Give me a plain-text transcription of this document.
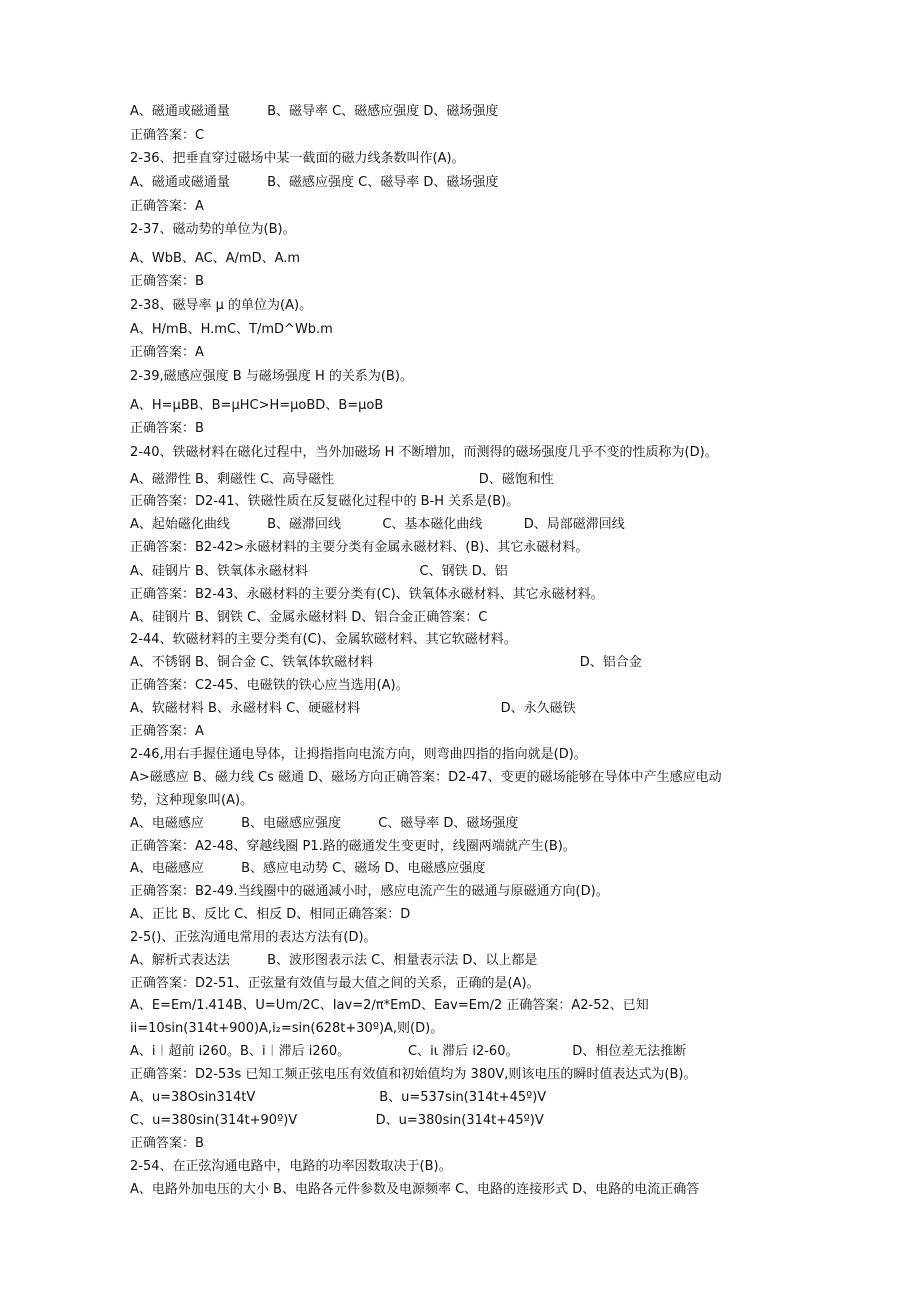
A、磁通或磁通量         B、磁导率 C、磁感应强度 D、磁场强度
正确答案：C
2-36、把垂直穿过磁场中某一截面的磁力线条数叫作(A)。
A、磁通或磁通量         B、磁感应强度 C、磁导率 D、磁场强度
正确答案：A
2-37、磁动势的单位为(B)。
A、WbB、AC、A/mD、A.m
正确答案：B
2-38、磁导率 μ 的单位为(A)。
A、H/mB、H.mC、T/mD^Wb.m
正确答案：A
2-39,磁感应强度 B 与磁场强度 H 的关系为(B)。
A、H=μBB、B=μHC>H=μoBD、B=μoB
正确答案：B
2-40、铁磁材料在磁化过程中，当外加磁场 H 不断增加，而测得的磁场强度几乎不变的性质称为(D)。
A、磁滞性 B、剩磁性 C、高导磁性                                   D、磁饱和性
正确答案：D2-41、铁磁性质在反复磁化过程中的 B-H 关系是(B)。
A、起始磁化曲线         B、磁滞回线          C、基本磁化曲线          D、局部磁滞回线
正确答案：B2-42>永磁材料的主要分类有金属永磁材料、(B)、其它永磁材料。
A、硅钢片 B、铁氧体永磁材料                           C、钢铁 D、铝
正确答案：B2-43、永磁材料的主要分类有(C)、铁氧体永磁材料、其它永磁材料。
A、硅钢片 B、钢铁 C、金属永磁材料 D、铝合金正确答案：C
2-44、软磁材料的主要分类有(C)、金属软磁材料、其它软磁材料。
A、不锈钢 B、铜合金 C、铁氧体软磁材料                                                  D、铝合金
正确答案：C2-45、电磁铁的铁心应当选用(A)。
A、软磁材料 B、永磁材料 C、硬磁材料                                  D、永久磁铁
正确答案：A
2-46,用右手握住通电导体，让拇指指向电流方向，则弯曲四指的指向就是(D)。
A>磁感应 B、磁力线 Cs 磁通 D、磁场方向正确答案：D2-47、变更的磁场能够在导体中产生感应电动
势，这种现象叫(A)。
A、电磁感应         B、电磁感应强度         C、磁导率 D、磁场强度
正确答案：A2-48、穿越线圈 P1.路的磁通发生变更时，线圈两端就产生(B)。
A、电磁感应         B、感应电动势 C、磁场 D、电磁感应强度
正确答案：B2-49.当线圈中的磁通减小时，感应电流产生的磁通与原磁通方向(D)。
A、正比 B、反比 C、相反 D、相同正确答案：D
2-5()、正弦沟通电常用的表达方法有(D)。
A、解析式表达法         B、波形图表示法 C、相量表示法 D、以上都是
正确答案：D2-51、正弦量有效值与最大值之间的关系，正确的是(A)。
A、E=Em/1.414B、U=Um∕2C、Iav=2∕π*EmD、Eav=Em∕2 正确答案：A2-52、已知
ii=10sin(314t+900)A,i₂=sin(628t+30º)A,则(D)。
A、i︱超前 i260。B、i︱滞后 i260。              C、iι 滞后 i2-60。             D、相位差无法推断
正确答案：D2-53s 已知工频正弦电压有效值和初始值均为 380V,则该电压的瞬时值表达式为(B)。
A、u=38Osin314tV                              B、u=537sin(314t+45º)V
C、u=380sin(314t+90º)V                   D、u=380sin(314t+45º)V
正确答案：B
2-54、在正弦沟通电路中，电路的功率因数取决于(B)。
A、电路外加电压的大小 B、电路各元件参数及电源频率 C、电路的连接形式 D、电路的电流正确答
